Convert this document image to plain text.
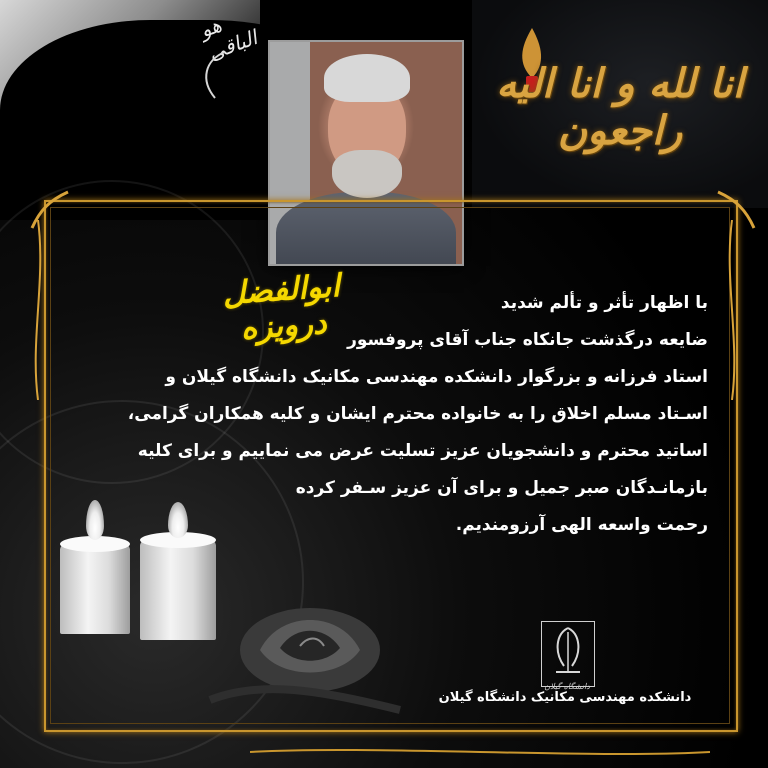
هو الباقی
انا لله و انا الیه راجعون
ابوالفضل درویزه
با اظهار تأثر و تألم شدید
ضایعه درگذشت جانکاه جناب آقای پروفسور
استاد فرزانه و بزرگوار دانشکده مهندسی مکانیک دانشگاه گیلان و
اسـتاد مسلم اخلاق را به خانواده محترم ایشان و کلیه همکاران گرامی،
اساتید محترم و دانشجویان عزیز تسلیت عرض می نماییم و برای کلیه
بازمانـدگان صبر جمیل و برای آن عزیز سـفر کرده
رحمت واسعه الهی آرزومندیم.
دانشگاه گیلان
دانشکده مهندسی مکانیک دانشگاه گیلان
